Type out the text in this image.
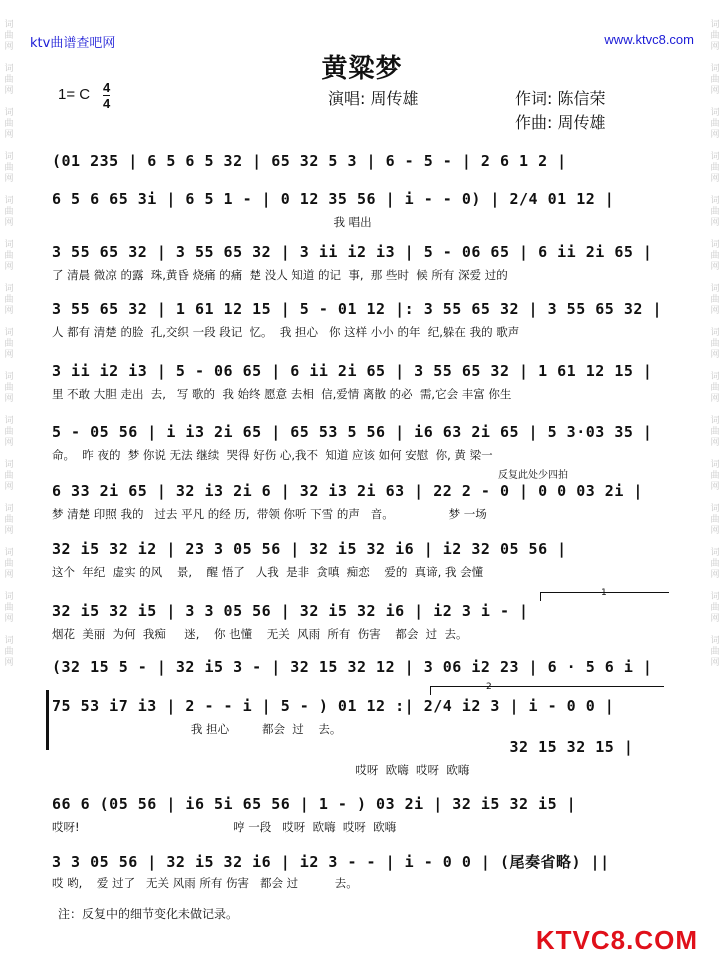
词
曲
网

词
曲
网

词
曲
网

词
曲
网

词
曲
网

词
曲
网

词
曲
网

词
曲
网

词
曲
网

词
曲
网

词
曲
网

词
曲
网

词
曲
网

词
曲
网

词
曲
网
词
曲
网

词
曲
网

词
曲
网

词
曲
网

词
曲
网

词
曲
网

词
曲
网

词
曲
网

词
曲
网

词
曲
网

词
曲
网

词
曲
网

词
曲
网

词
曲
网

词
曲
网
ktv曲谱查吧网	www.ktvc8.com
黄粱梦
1= C 4
4	演唱: 周传雄	作词: 陈信荣
作曲: 周传雄
(01 235 | 6 5 6 5 32 | 65 32 5 3 | 6 - 5 - | 2 6 1 2 |
6 5 6 65 3i | 6 5 1 - | 0 12 35 56 | i - - 0) | 2/4 01 12 |
我 唱出
3 55 65 32 | 3 55 65 32 | 3 ii i2 i3 | 5 - 06 65 | 6 ii 2i 65 |
了 清晨 微凉 的露  珠,黄昏 烧痛 的痛  楚 没人 知道 的记  事,  那 些时  候 所有 深爱 过的
3 55 65 32 | 1 61 12 15 | 5 - 01 12 |: 3 55 65 32 | 3 55 65 32 |
人 都有 清楚 的脸  孔,交织 一段 段记  忆。  我 担心   你 这样 小小 的年  纪,躲在 我的 歌声
3 ii i2 i3 | 5 - 06 65 | 6 ii 2i 65 | 3 55 65 32 | 1 61 12 15 |
里 不敢 大胆 走出  去,   写 歌的  我 始终 愿意 去相  信,爱情 离散 的必  需,它会 丰富 你生
5 - 05 56 | i i3 2i 65 | 65 53 5 56 | i6 63 2i 65 | 5 3·03 35 |
命。  昨 夜的  梦 你说 无法 继续  哭得 好伤 心,我不  知道 应该 如何 安慰  你, 黄 梁一
反复此处少四拍
6 33 2i 65 | 32 i3 2i 6 | 32 i3 2i 63 | 22 2 - 0 | 0 0 03 2i |
梦 清楚 印照 我的   过去 平凡 的经 历,  带领 你听 下雪 的声   音。               梦 一场
32 i5 32 i2 | 23 3 05 56 | 32 i5 32 i6 | i2 32 05 56 |
这个  年纪  虚实 的风    景,    醒 悟了   人我  是非  贪嗔  痴恋    爱的  真谛, 我 会懂
1
32 i5 32 i5 | 3 3 05 56 | 32 i5 32 i6 | i2 3 i - |
烟花  美丽  为何  我痴     迷,    你 也懂    无关  风雨  所有  伤害    都会  过  去。
(32 15 5 - | 32 i5 3 - | 32 15 32 12 | 3 06 i2 23 | 6 · 5 6 i |
2
75 53 i7 i3 | 2 - - i | 5 - ) 01 12 :| 2/4 i2 3 | i - 0 0 |
我 担心         都会  过    去。
32 15 32 15 |
哎呀  欧嗨  哎呀  欧嗨
66 6 (05 56 | i6 5i 65 56 | 1 - ) 03 2i | 32 i5 32 i5 |
哎呀!                                          哼 一段   哎呀  欧嗨  哎呀  欧嗨
3 3 05 56 | 32 i5 32 i6 | i2 3 - - | i - 0 0 | (尾奏省略) ||
哎 哟,    爱 过了   无关 风雨 所有 伤害   都会 过          去。
注：反复中的细节变化未做记录。
KTVC8.COM
